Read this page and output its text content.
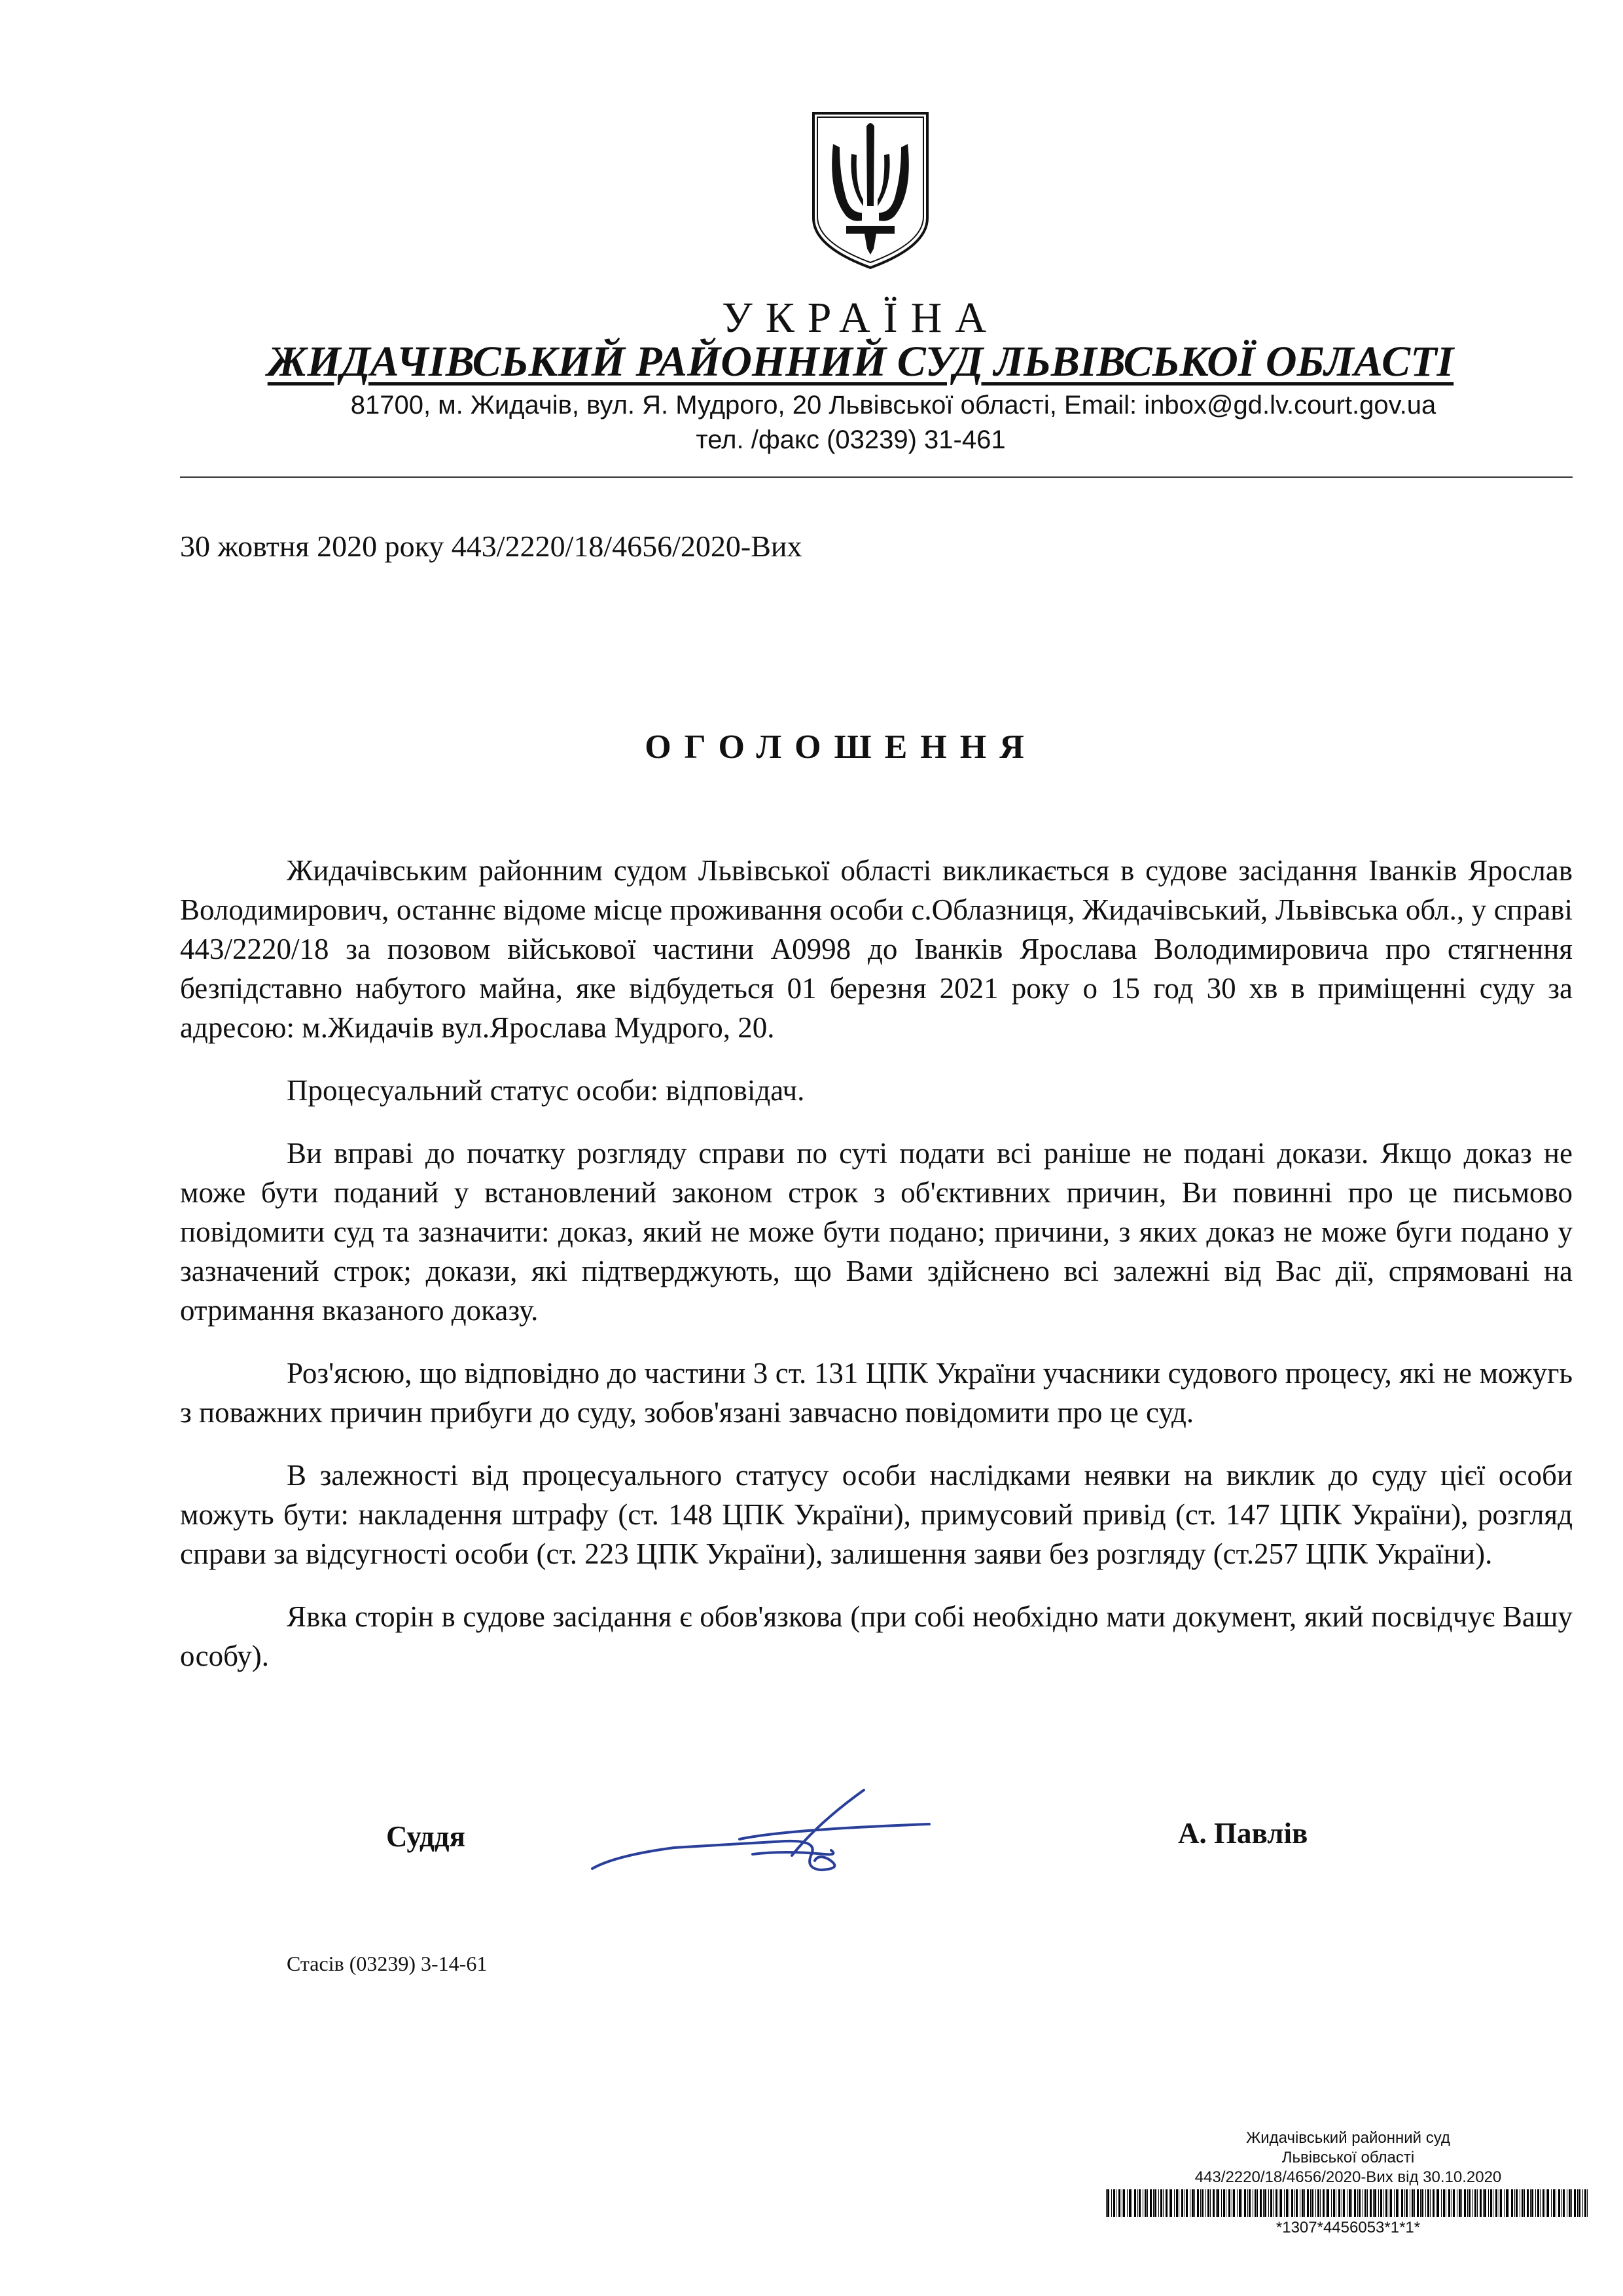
УКРАЇНА
ЖИДАЧІВСЬКИЙ РАЙОННИЙ СУД ЛЬВІВСЬКОЇ ОБЛАСТІ
81700, м. Жидачів, вул. Я. Мудрого, 20 Львівської області, Email: inbox@gd.lv.court.gov.ua
тел. /факс (03239) 31-461
30 жовтня 2020 року 443/2220/18/4656/2020-Вих
ОГОЛОШЕННЯ

Жидачівським районним судом Львівської області викликається в судове засідання Іванків Ярослав Володимирович, останнє відоме місце проживання особи с.Облазниця, Жидачівський, Львівська обл., у справі 443/2220/18 за позовом військової частини А0998 до Іванків Ярослава Володимировича про стягнення безпідставно набутого майна, яке відбудеться 01 березня 2021 року о 15 год 30 хв в приміщенні суду за адресою: м.Жидачів вул.Ярослава Мудрого, 20.

Процесуальний статус особи: відповідач.

Ви вправі до початку розгляду справи по суті подати всі раніше не подані докази. Якщо доказ не може бути поданий у встановлений законом строк з об'єктивних причин, Ви повинні про це письмово повідомити суд та зазначити: доказ, який не може бути подано; причини, з яких доказ не може буги подано у зазначений строк; докази, які підтверджують, що Вами здійснено всі залежні від Вас дії, спрямовані на отримання вказаного доказу.

Роз'ясюю, що відповідно до частини 3 ст. 131 ЦПК України учасники судового процесу, які не можугь з поважних причин прибуги до суду, зобов'язані завчасно повідомити про це суд.

В залежності від процесуального статусу особи наслідками неявки на виклик до суду цієї особи можуть бути: накладення штрафу (ст. 148 ЦПК України), примусовий привід (ст. 147 ЦПК України), розгляд справи за відсугності особи (ст. 223 ЦПК України), залишення заяви без розгляду (ст.257 ЦПК України).

Явка сторін в судове засідання є обов'язкова (при собі необхідно мати документ, який посвідчує Вашу особу).

Суддя	А. Павлів
Стасів (03239) 3-14-61
Жидачівський районний суд
Львівської області
443/2220/18/4656/2020-Вих від 30.10.2020
*1307*4456053*1*1*
